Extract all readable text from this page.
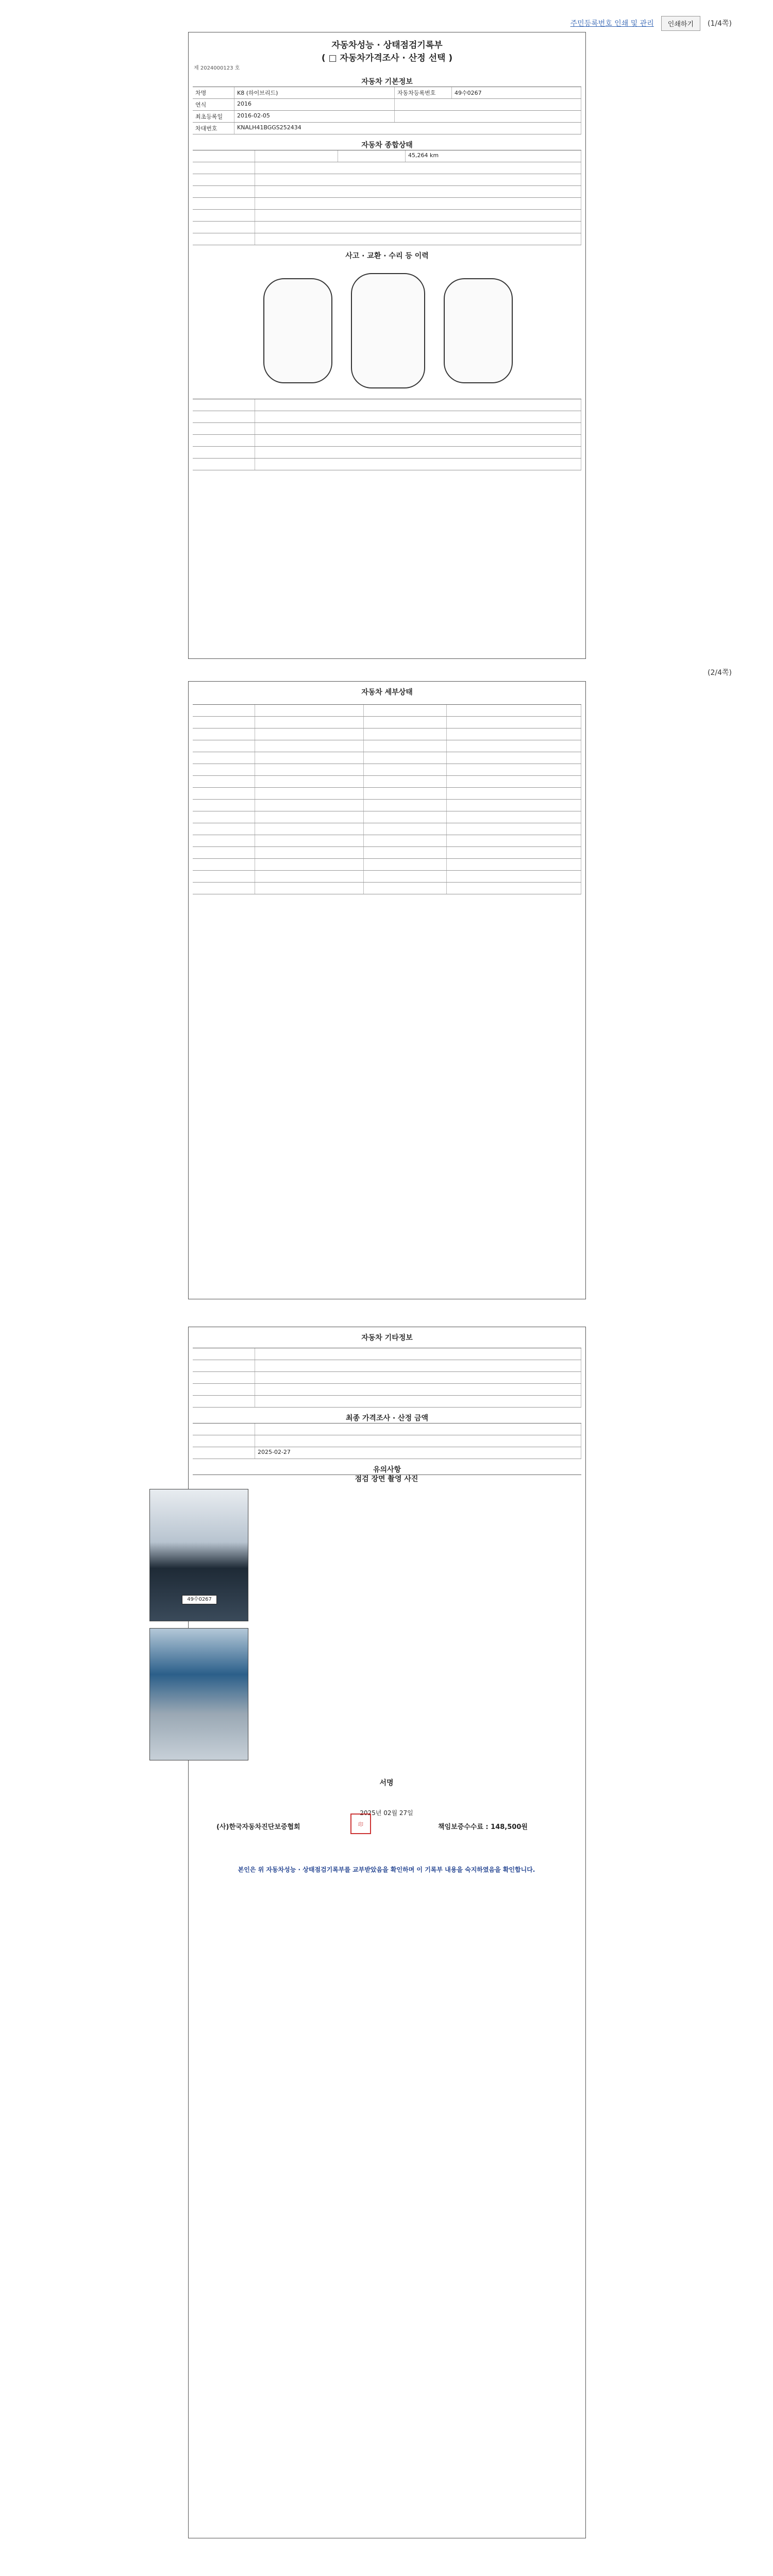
주민등록번호 인쇄 및 관리	인쇄하기	(1/4쪽)
자동차성능 · 상태점검기록부
( □ 자동차가격조사 · 산정 선택 )
제 2024000123 호
자동차 기본정보
차명	K8 (하이브리드)	자동차등록번호	49수0267
연식	2016
최초등록일	2016-02-05
차대번호	KNALH41BGGS252434
자동차 종합상태
45,264 km
사고 · 교환 · 수리 등 이력
(2/4쪽)
자동차 세부상태
자동차 기타정보
최종 가격조사 · 산정 금액
2025-02-27
유의사항
점검 장면 촬영 사진
49수0267
서명
2025년 02월 27일
(사)한국자동차진단보증협회	책임보증수수료 : 148,500원
印
본인은 위 자동차성능 · 상태점검기록부를 교부받았음을 확인하며 이 기록부 내용을 숙지하였음을 확인합니다.
